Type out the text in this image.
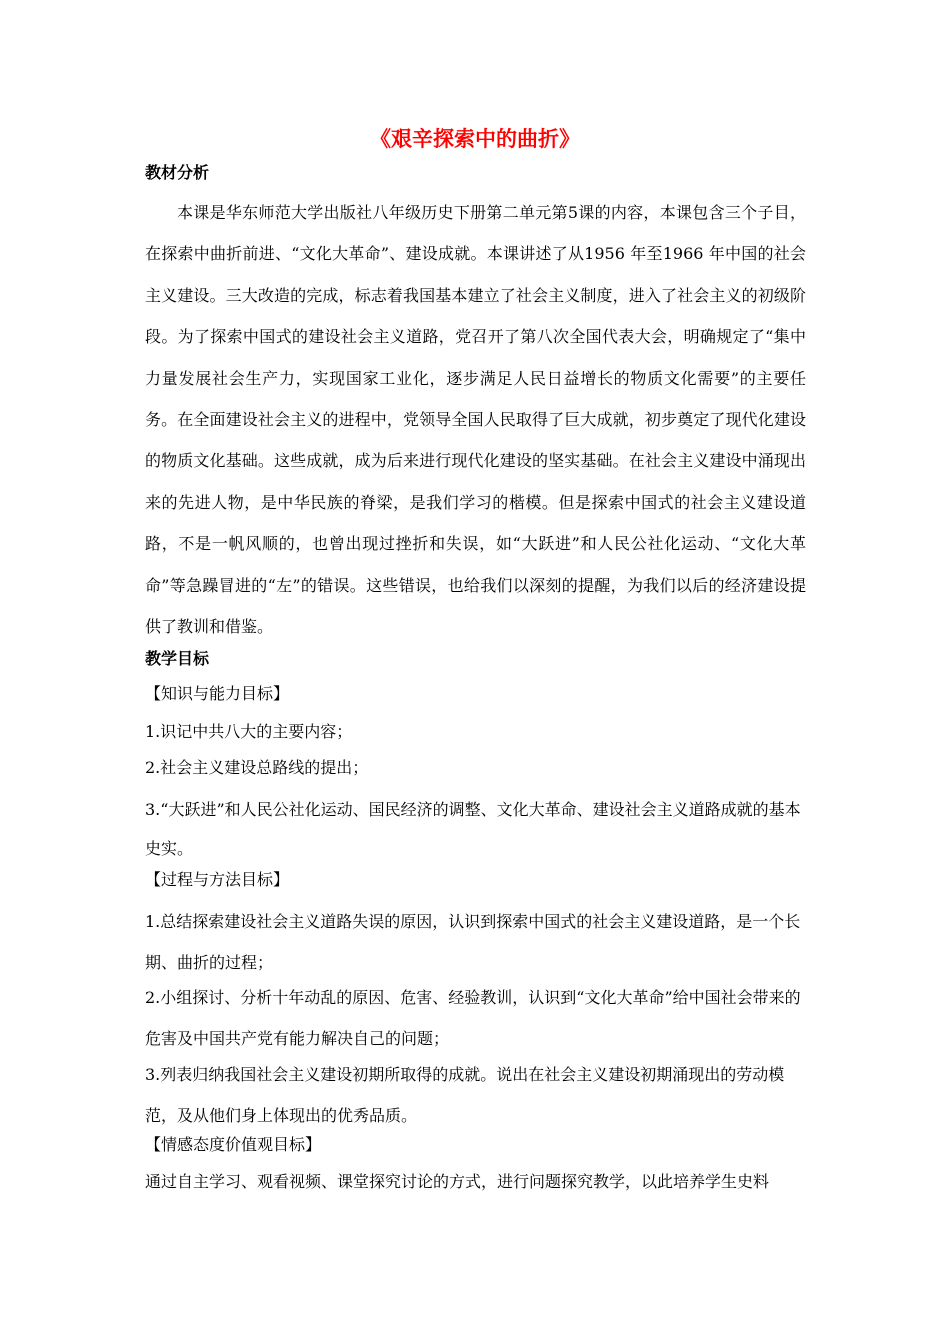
《艰辛探索中的曲折》
教材分析

本课是华东师范大学出版社八年级历史下册第二单元第5课的内容，本课包含三个子目，在探索中曲折前进、“文化大革命”、建设成就。本课讲述了从1956 年至1966 年中国的社会主义建设。三大改造的完成，标志着我国基本建立了社会主义制度，进入了社会主义的初级阶段。为了探索中国式的建设社会主义道路，党召开了第八次全国代表大会，明确规定了“集中力量发展社会生产力，实现国家工业化，逐步满足人民日益增长的物质文化需要”的主要任务。在全面建设社会主义的进程中，党领导全国人民取得了巨大成就，初步奠定了现代化建设的物质文化基础。这些成就，成为后来进行现代化建设的坚实基础。在社会主义建设中涌现出来的先进人物，是中华民族的脊梁，是我们学习的楷模。但是探索中国式的社会主义建设道路，不是一帆风顺的，也曾出现过挫折和失误，如“大跃进”和人民公社化运动、“文化大革命”等急躁冒进的“左”的错误。这些错误，也给我们以深刻的提醒，为我们以后的经济建设提供了教训和借鉴。

教学目标
【知识与能力目标】
1.识记中共八大的主要内容；
2.社会主义建设总路线的提出；
3.“大跃进”和人民公社化运动、国民经济的调整、文化大革命、建设社会主义道路成就的基本史实。
【过程与方法目标】
1.总结探索建设社会主义道路失误的原因，认识到探索中国式的社会主义建设道路，是一个长期、曲折的过程；
2.小组探讨、分析十年动乱的原因、危害、经验教训，认识到“文化大革命”给中国社会带来的危害及中国共产党有能力解决自己的问题；
3.列表归纳我国社会主义建设初期所取得的成就。说出在社会主义建设初期涌现出的劳动模范，及从他们身上体现出的优秀品质。
【情感态度价值观目标】
通过自主学习、观看视频、课堂探究讨论的方式，进行问题探究教学，以此培养学生史料
